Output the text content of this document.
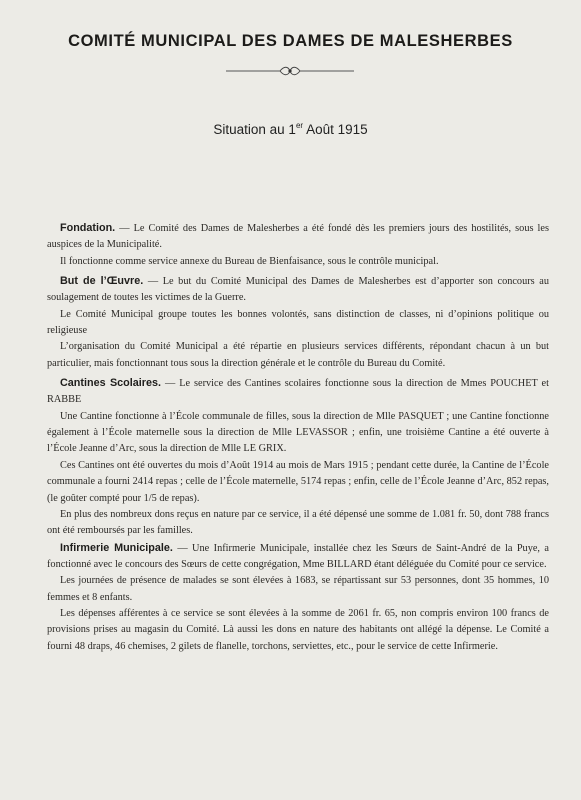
COMITÉ MUNICIPAL DES DAMES DE MALESHERBES
Situation au 1er Août 1915

Fondation. — Le Comité des Dames de Malesherbes a été fondé dès les premiers jours des hostilités, sous les auspices de la Municipalité.

Il fonctionne comme service annexe du Bureau de Bienfaisance, sous le contrôle municipal.

But de l’Œuvre. — Le but du Comité Municipal des Dames de Malesherbes est d’apporter son concours au soulagement de toutes les victimes de la Guerre.

Le Comité Municipal groupe toutes les bonnes volontés, sans distinction de classes, ni d’opinions politique ou religieuse

L’organisation du Comité Municipal a été répartie en plusieurs services différents, répondant chacun à un but particulier, mais fonctionnant tous sous la direction générale et le contrôle du Bureau du Comité.

Cantines Scolaires. — Le service des Cantines scolaires fonctionne sous la direction de Mmes POUCHET et RABBE

Une Cantine fonctionne à l’École communale de filles, sous la direction de Mlle PASQUET ; une Cantine fonctionne également à l’École maternelle sous la direction de Mlle LEVASSOR ; enfin, une troisième Cantine a été ouverte à l’École Jeanne d’Arc, sous la direction de Mlle LE GRIX.

Ces Cantines ont été ouvertes du mois d’Août 1914 au mois de Mars 1915 ; pendant cette durée, la Cantine de l’École communale a fourni 2414 repas ; celle de l’École maternelle, 5174 repas ; enfin, celle de l’École Jeanne d’Arc, 852 repas, (le goûter compté pour 1/5 de repas).

En plus des nombreux dons reçus en nature par ce service, il a été dépensé une somme de 1.081 fr. 50, dont 788 francs ont été remboursés par les familles.

Infirmerie Municipale. — Une Infirmerie Municipale, installée chez les Sœurs de Saint-André de la Puye, a fonctionné avec le concours des Sœurs de cette congrégation, Mme BILLARD étant déléguée du Comité pour ce service.

Les journées de présence de malades se sont élevées à 1683, se répartissant sur 53 personnes, dont 35 hommes, 10 femmes et 8 enfants.

Les dépenses afférentes à ce service se sont élevées à la somme de 2061 fr. 65, non compris environ 100 francs de provisions prises au magasin du Comité. Là aussi les dons en nature des habitants ont allégé la dépense. Le Comité a fourni 48 draps, 46 chemises, 2 gilets de flanelle, torchons, serviettes, etc., pour le service de cette Infirmerie.
